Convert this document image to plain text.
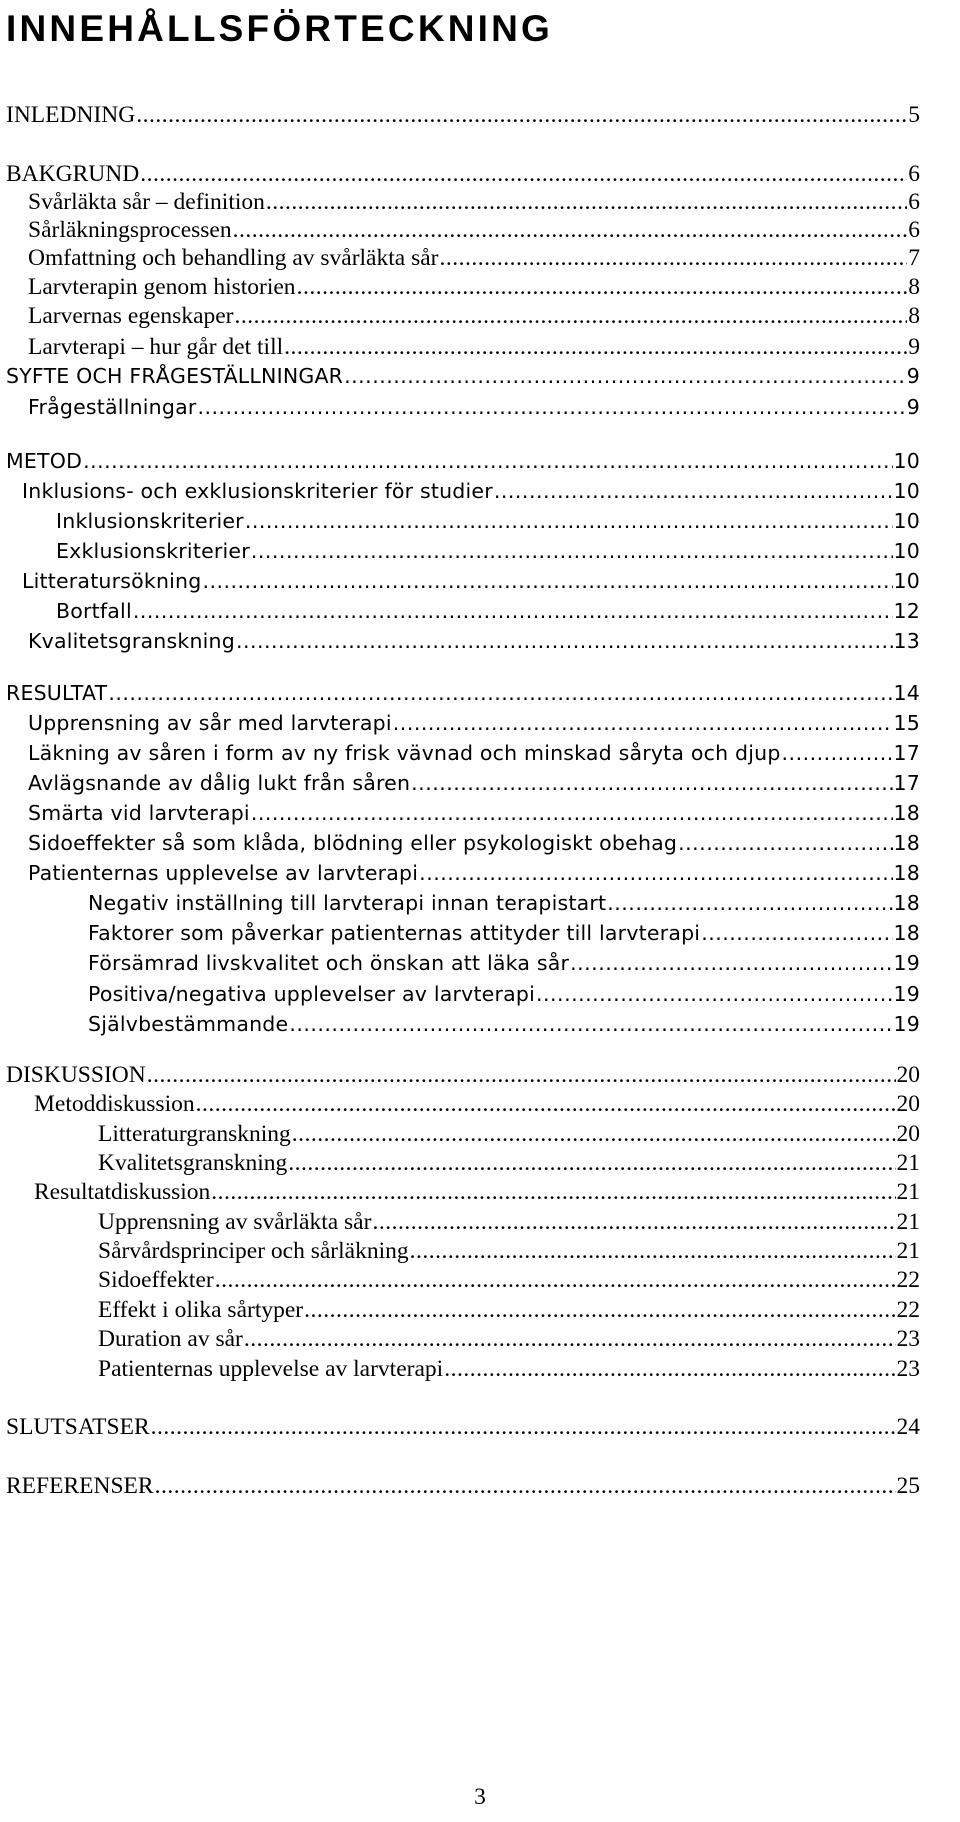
INNEHÅLLSFÖRTECKNING
INLEDNING .....	5
BAKGRUND .....	6
Svårläkta sår – definition .....	6
Sårläkningsprocessen .....	6
Omfattning och behandling av svårläkta sår .....	7
Larvterapin genom historien .....	8
Larvernas egenskaper .....	8
Larvterapi – hur går det till .....	9
SYFTE OCH FRÅGESTÄLLNINGAR .....	9
Frågeställningar .....	9
METOD .....	10
Inklusions- och exklusionskriterier för studier .....	10
Inklusionskriterier .....	10
Exklusionskriterier .....	10
Litteratursökning .....	10
Bortfall .....	12
Kvalitetsgranskning .....	13
RESULTAT .....	14
Upprensning av sår med larvterapi .....	15
Läkning av såren i form av ny frisk vävnad och minskad såryta och djup .....	17
Avlägsnande av dålig lukt från såren .....	17
Smärta vid larvterapi .....	18
Sidoeffekter så som klåda, blödning eller psykologiskt obehag .....	18
Patienternas upplevelse av larvterapi .....	18
Negativ inställning till larvterapi innan terapistart .....	18
Faktorer som påverkar patienternas attityder till larvterapi .....	18
Försämrad livskvalitet och önskan att läka sår .....	19
Positiva/negativa upplevelser av larvterapi .....	19
Självbestämmande .....	19
DISKUSSION .....	20
Metoddiskussion .....	20
Litteraturgranskning .....	20
Kvalitetsgranskning .....	21
Resultatdiskussion .....	21
Upprensning av svårläkta sår .....	21
Sårvårdsprinciper och sårläkning .....	21
Sidoeffekter .....	22
Effekt i olika sårtyper .....	22
Duration av sår .....	23
Patienternas upplevelse av larvterapi .....	23
SLUTSATSER .....	24
REFERENSER .....	25
3
